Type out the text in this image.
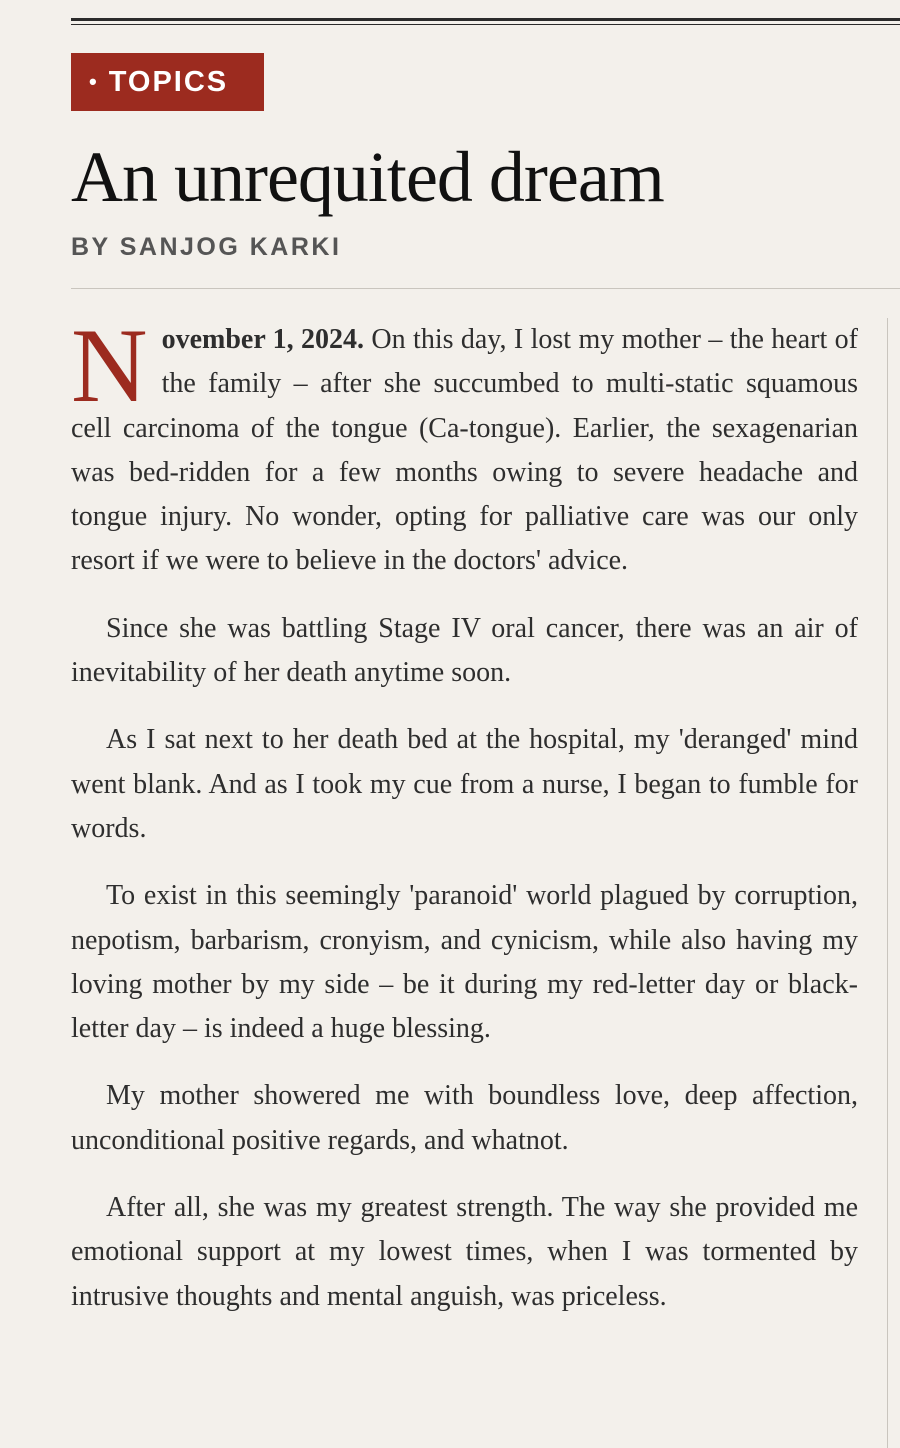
• TOPICS
An unrequited dream
BY SANJOG KARKI

November 1, 2024. On this day, I lost my mother – the heart of the family – after she succumbed to multi-static squamous cell carcinoma of the tongue (Ca-tongue). Earlier, the sexagenarian was bed-ridden for a few months owing to severe headache and tongue injury. No wonder, opting for palliative care was our only resort if we were to believe in the doctors' advice.

Since she was battling Stage IV oral cancer, there was an air of inevitability of her death anytime soon.

As I sat next to her death bed at the hospital, my 'deranged' mind went blank. And as I took my cue from a nurse, I began to fumble for words.

To exist in this seemingly 'paranoid' world plagued by corruption, nepotism, barbarism, cronyism, and cynicism, while also having my loving mother by my side – be it during my red-letter day or black-letter day – is indeed a huge blessing.

My mother showered me with boundless love, deep affection, unconditional positive regards, and whatnot.

After all, she was my greatest strength. The way she provided me emotional support at my lowest times, when I was tormented by intrusive thoughts and mental anguish, was priceless.
